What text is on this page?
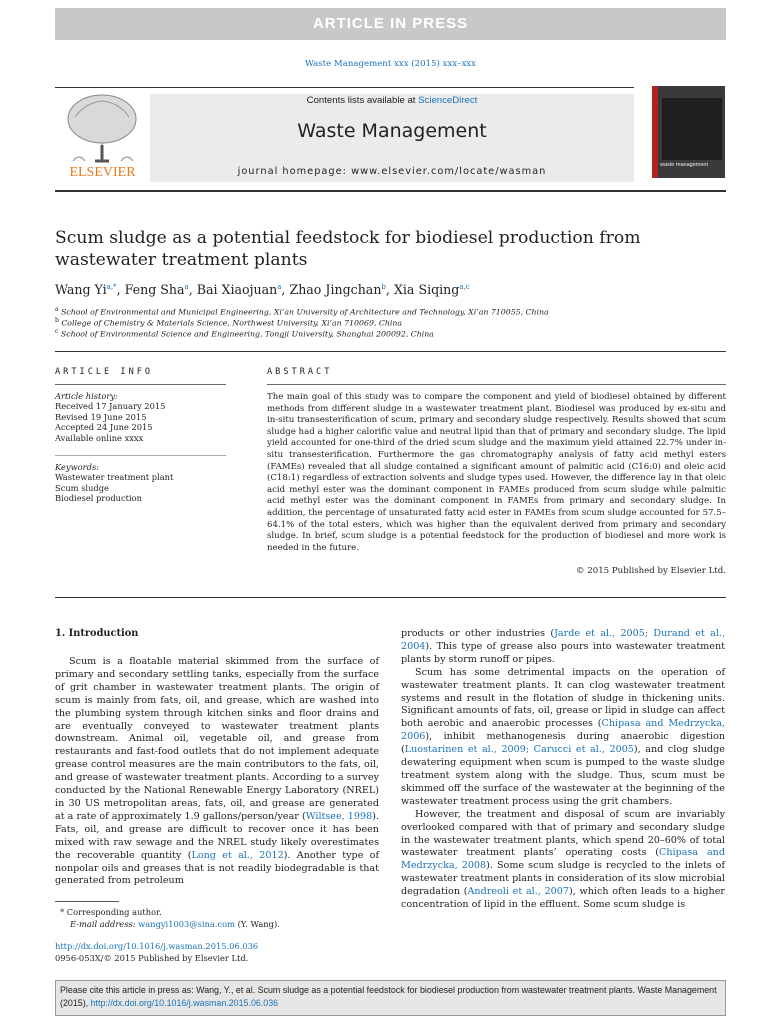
ARTICLE IN PRESS
Waste Management xxx (2015) xxx–xxx
ELSEVIER
Contents lists available at ScienceDirect
Waste Management
journal homepage: www.elsevier.com/locate/wasman
waste management
Scum sludge as a potential feedstock for biodiesel production from wastewater treatment plants
Wang $Yi^{a,*}$, Feng Sha$^a$, Bai Xiaojuan$^a$, Zhao Jingchan$^b$, Xia Siqing$^{a,c}$
$^a$ School of Environmental and Municipal Engineering, Xi’an University of Architecture and Technology, Xi’an 710055, China
$^b$ College of Chemistry & Materials Science, Northwest University, Xi’an 710069, China
$^c$ School of Environmental Science and Engineering, Tongji University, Shanghai 200092, China
ARTICLE INFO
Article history:
Received 17 January 2015
Revised 19 June 2015
Accepted 24 June 2015
Available online xxxx
Keywords:
Wastewater treatment plant
Scum sludge
Biodiesel production
ABSTRACT
The main goal of this study was to compare the component and yield of biodiesel obtained by different methods from different sludge in a wastewater treatment plant. Biodiesel was produced by ex-situ and in-situ transesterification of scum, primary and secondary sludge respectively. Results showed that scum sludge had a higher calorific value and neutral lipid than that of primary and secondary sludge. The lipid yield accounted for one-third of the dried scum sludge and the maximum yield attained 22.7% under in-situ transesterification. Furthermore the gas chromatography analysis of fatty acid methyl esters (FAMEs) revealed that all sludge contained a significant amount of palmitic acid (C16:0) and oleic acid (C18:1) regardless of extraction solvents and sludge types used. However, the difference lay in that oleic acid methyl ester was the dominant component in FAMEs produced from scum sludge while palmitic acid methyl ester was the dominant component in FAMEs from primary and secondary sludge. In addition, the percentage of unsaturated fatty acid ester in FAMEs from scum sludge accounted for 57.5–64.1% of the total esters, which was higher than the equivalent derived from primary and secondary sludge. In brief, scum sludge is a potential feedstock for the production of biodiesel and more work is needed in the future.
© 2015 Published by Elsevier Ltd.
1. Introduction

Scum is a floatable material skimmed from the surface of primary and secondary settling tanks, especially from the surface of grit chamber in wastewater treatment plants. The origin of scum is mainly from fats, oil, and grease, which are washed into the plumbing system through kitchen sinks and floor drains and are eventually conveyed to wastewater treatment plants downstream. Animal oil, vegetable oil, and grease from restaurants and fast-food outlets that do not implement adequate grease control measures are the main contributors to the fats, oil, and grease of wastewater treatment plants. According to a survey conducted by the National Renewable Energy Laboratory (NREL) in 30 US metropolitan areas, fats, oil, and grease are generated at a rate of approximately 1.9 gallons/person/year (Wiltsee, 1998). Fats, oil, and grease are difficult to recover once it has been mixed with raw sewage and the NREL study likely overestimates the recoverable quantity (Long et al., 2012). Another type of nonpolar oils and greases that is not readily biodegradable is that generated from petroleum

products or other industries (Jarde et al., 2005; Durand et al., 2004). This type of grease also pours into wastewater treatment plants by storm runoff or pipes.

Scum has some detrimental impacts on the operation of wastewater treatment plants. It can clog wastewater treatment systems and result in the flotation of sludge in thickening units. Significant amounts of fats, oil, grease or lipid in sludge can affect both aerobic and anaerobic processes (Chipasa and Medrzycka, 2006), inhibit methanogenesis during anaerobic digestion (Luostarinen et al., 2009; Carucci et al., 2005), and clog sludge dewatering equipment when scum is pumped to the waste sludge treatment system along with the sludge. Thus, scum must be skimmed off the surface of the wastewater at the beginning of the wastewater treatment process using the grit chambers.

However, the treatment and disposal of scum are invariably overlooked compared with that of primary and secondary sludge in the wastewater treatment plants, which spend 20–60% of total wastewater treatment plants’ operating costs (Chipasa and Medrzycka, 2008). Some scum sludge is recycled to the inlets of wastewater treatment plants in consideration of its slow microbial degradation (Andreoli et al., 2007), which often leads to a higher concentration of lipid in the effluent. Some scum sludge is

* Corresponding author.
E-mail address: wangyi1003@sina.com (Y. Wang).
http://dx.doi.org/10.1016/j.wasman.2015.06.036
0956-053X/© 2015 Published by Elsevier Ltd.
Please cite this article in press as: Wang, Y., et al. Scum sludge as a potential feedstock for biodiesel production from wastewater treatment plants. Waste Management (2015), http://dx.doi.org/10.1016/j.wasman.2015.06.036
